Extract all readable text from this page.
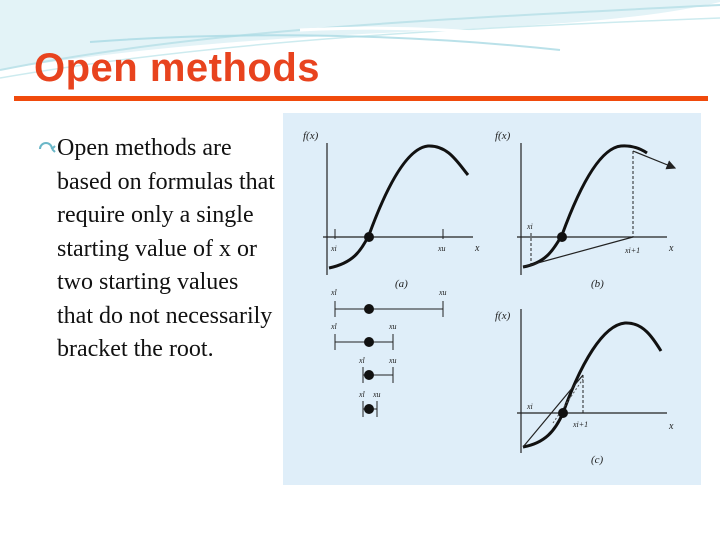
Open methods

Open methods are based on formulas that require only a single starting value of x or two starting values that do not necessarily bracket the root.

f(x)
x
xi	xu
(a)
xl	xu
xl	xu
xl	xu
xl xu
f(x)
x
xi
xi+1
(b)
f(x)
x
xi
xi+1
(c)
